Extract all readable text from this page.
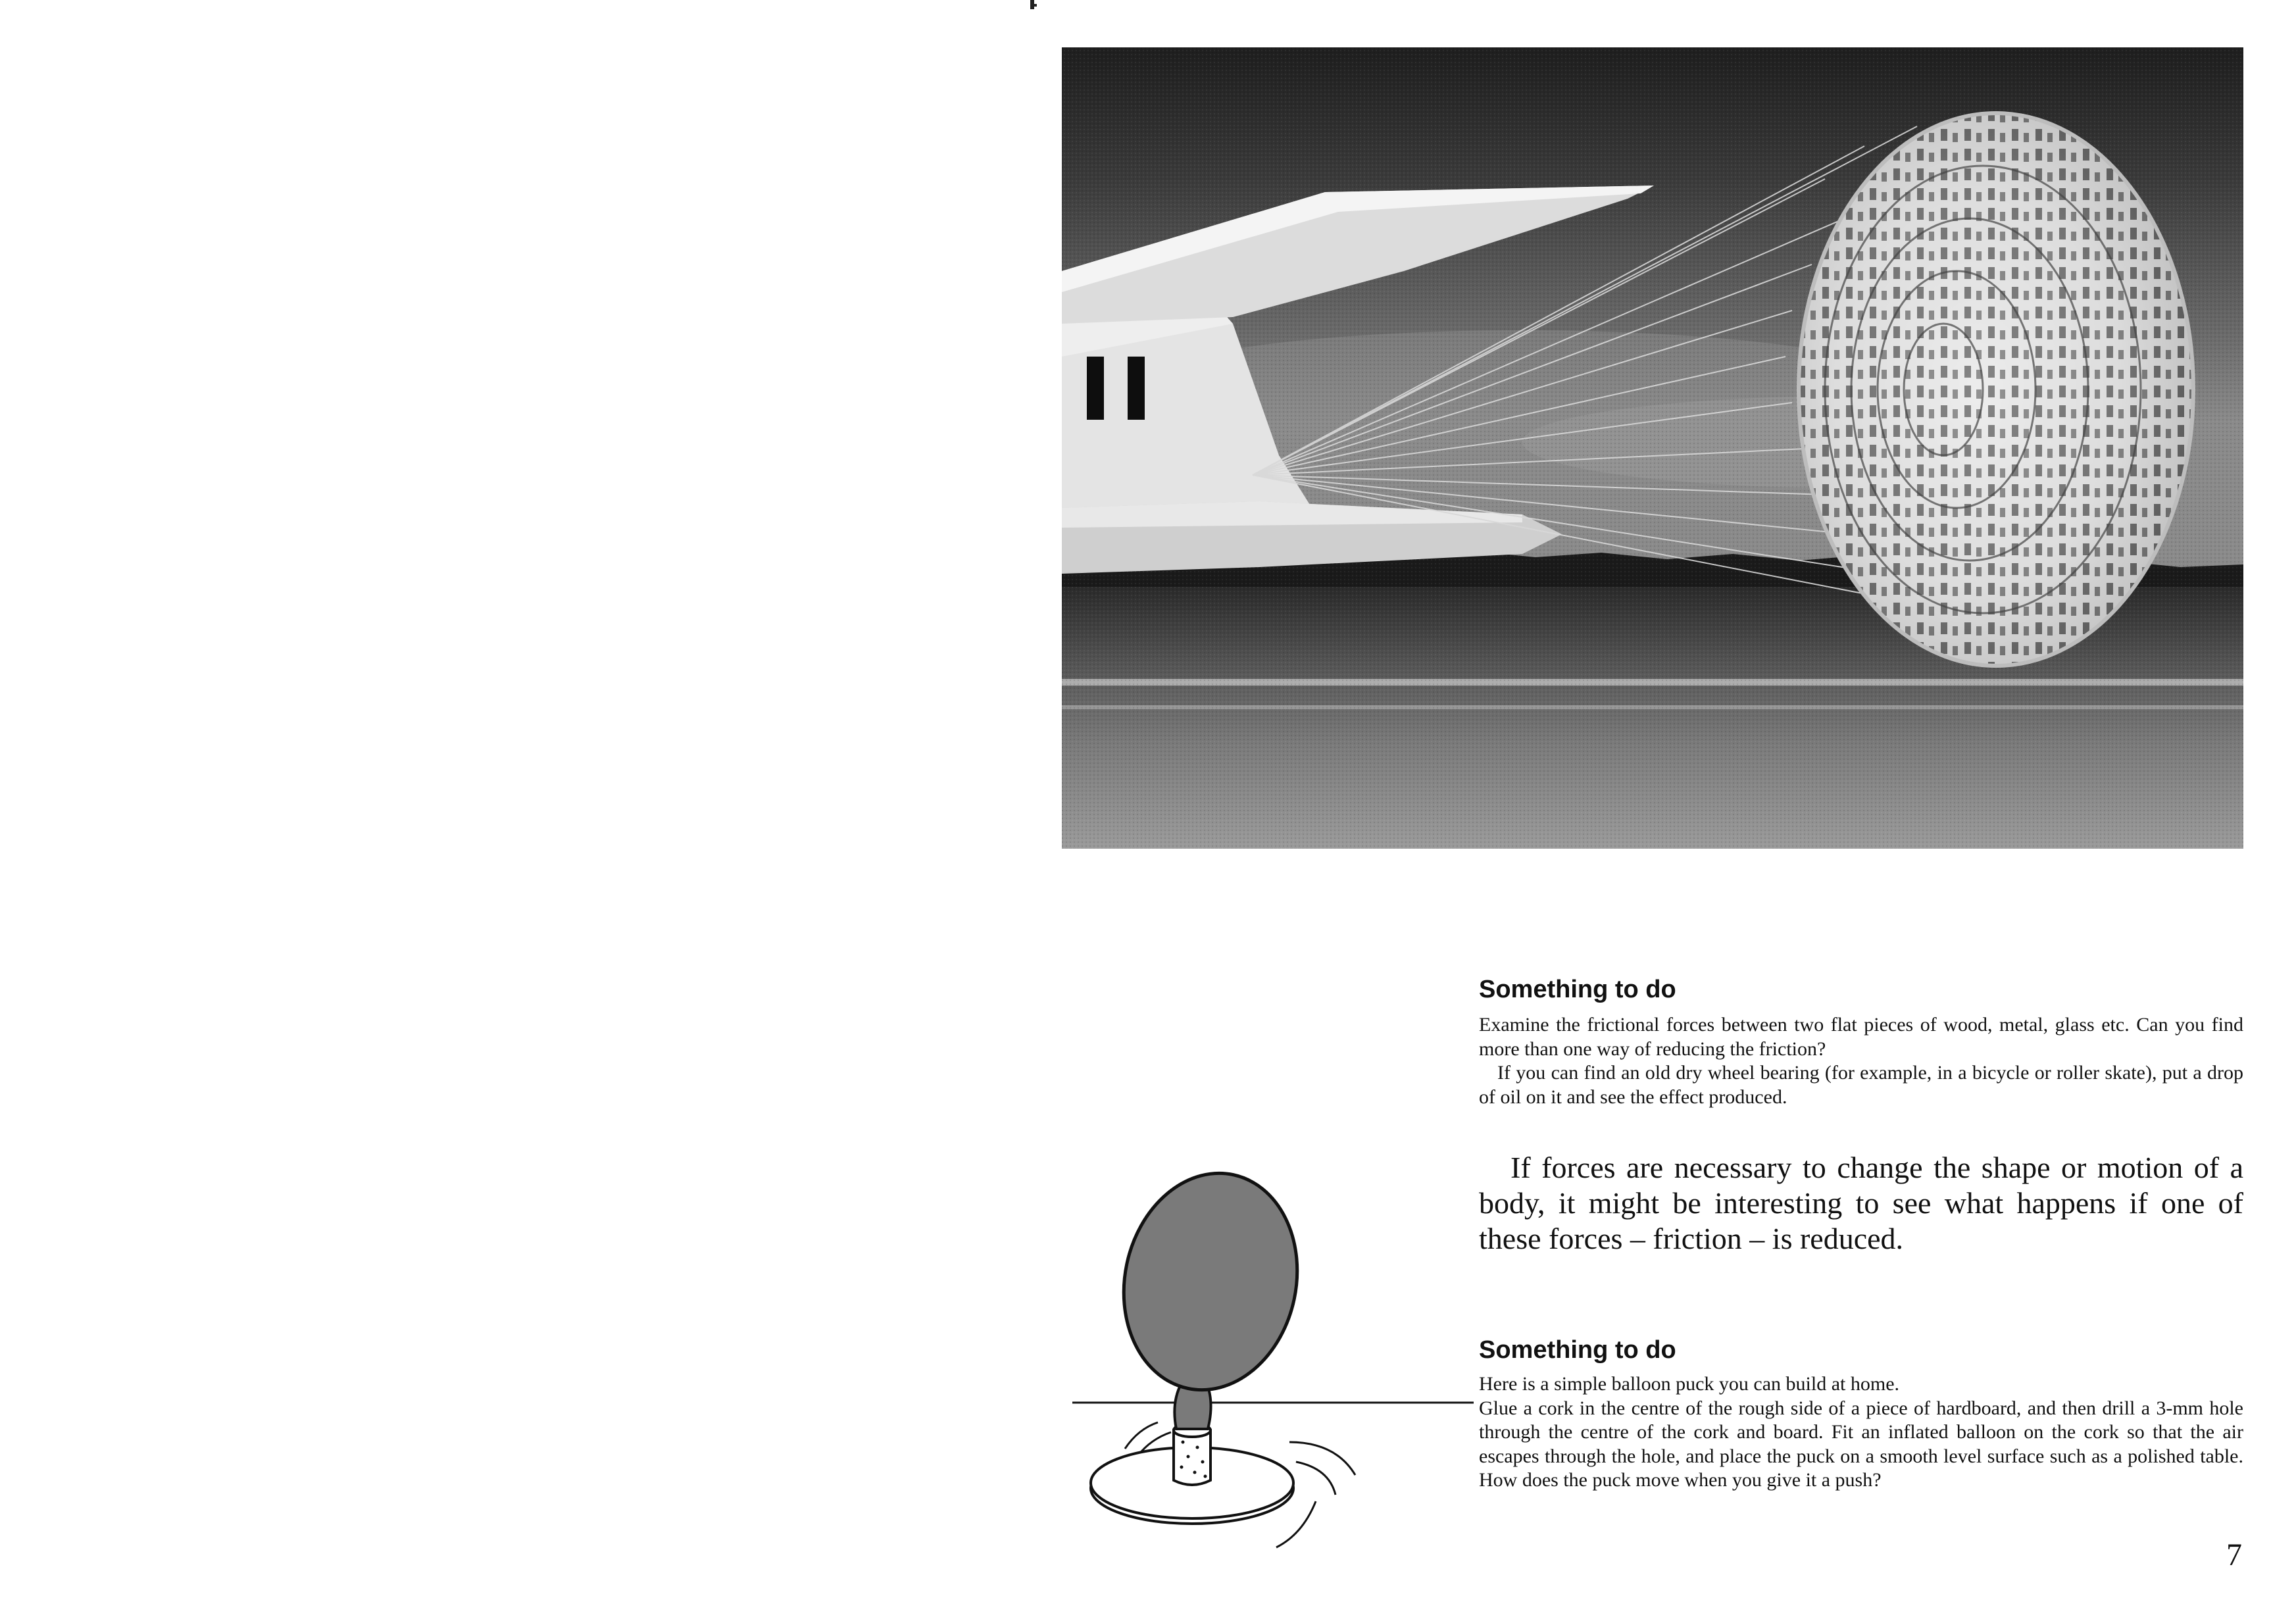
Something to do

Examine the frictional forces between two flat pieces of wood, metal, glass etc. Can you find more than one way of reducing the friction?

If you can find an old dry wheel bearing (for example, in a bicycle or roller skate), put a drop of oil on it and see the effect produced.

If forces are necessary to change the shape or motion of a body, it might be interesting to see what happens if one of these forces – friction – is reduced.
Something to do

Here is a simple balloon puck you can build at home.

Glue a cork in the centre of the rough side of a piece of hardboard, and then drill a 3-mm hole through the centre of the cork and board. Fit an inflated balloon on the cork so that the air escapes through the hole, and place the puck on a smooth level surface such as a polished table. How does the puck move when you give it a push?

7
